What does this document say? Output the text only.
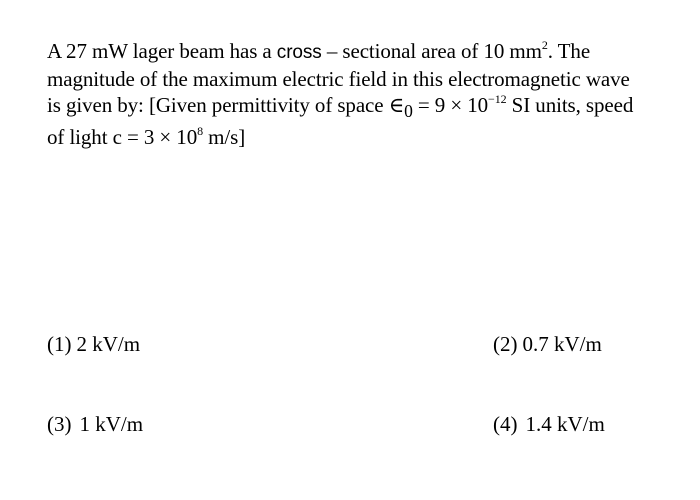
A 27 mW lager beam has a cross – sectional area of 10 $mm^2$. The magnitude of the maximum electric field in this electromagnetic wave is given by: [Given permittivity of space $\in_0 = 9 \times 10^{-12}$ SI units, speed of light $c = 3 \times 10^8$ m/s]
(1) 2 kV/m	(2) 0.7 kV/m
(3) 1 kV/m	(4) 1.4 kV/m
